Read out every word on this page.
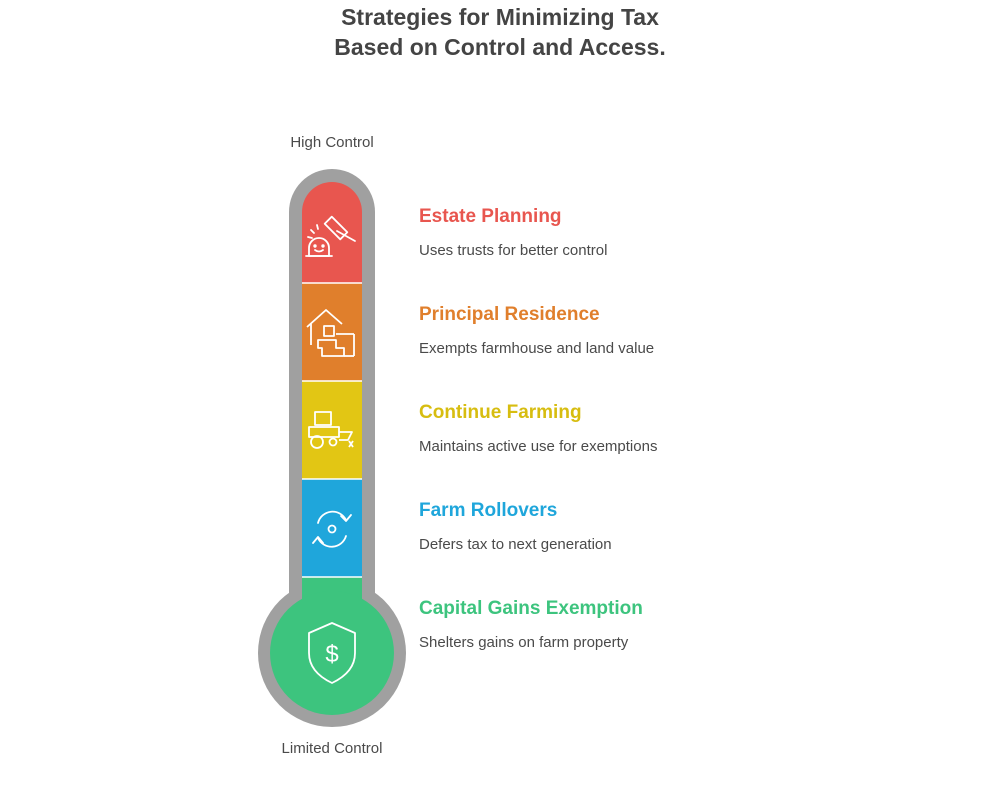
Strategies for Minimizing Tax
Based on Control and Access.
High Control
Limited Control
$
Estate Planning
Uses trusts for better control
Principal Residence
Exempts farmhouse and land value
Continue Farming
Maintains active use for exemptions
Farm Rollovers
Defers tax to next generation
Capital Gains Exemption
Shelters gains on farm property
